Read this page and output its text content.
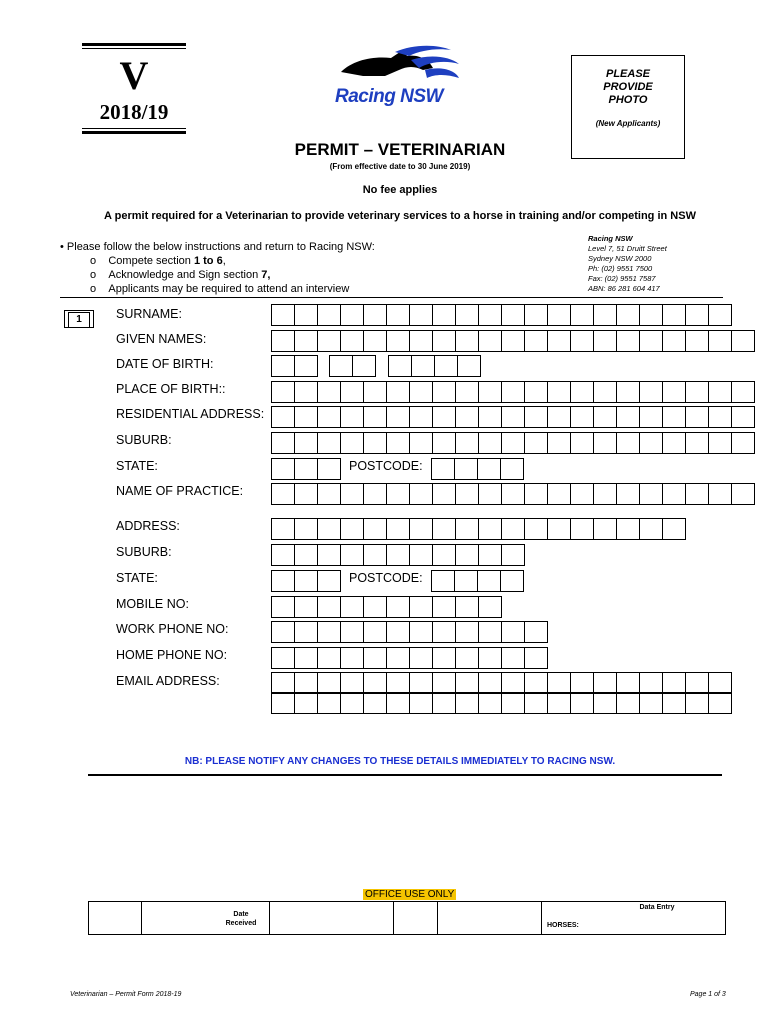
V
2018/19
Racing NSW
PLEASE
PROVIDE
PHOTO
(New Applicants)
PERMIT – VETERINARIAN
(From effective date to 30 June 2019)
No fee applies
A permit required for a Veterinarian to provide veterinary services to a horse in training and/or competing in NSW
• Please follow the below instructions and return to Racing NSW:
o Compete section 1 to 6,
o Acknowledge and Sign section 7,
o Applicants may be required to attend an interview
Racing NSW
Level 7, 51 Druitt Street
Sydney NSW 2000
Ph: (02) 9551 7500
Fax: (02) 9551 7587
ABN: 86 281 604 417
1	SURNAME:
GIVEN NAMES:
DATE OF BIRTH:
PLACE OF BIRTH::
RESIDENTIAL ADDRESS:
SUBURB:
STATE:	POSTCODE:
NAME OF PRACTICE:
ADDRESS:
SUBURB:
STATE:	POSTCODE:
MOBILE NO:
WORK PHONE NO:
HOME PHONE NO:
EMAIL ADDRESS:
NB: PLEASE NOTIFY ANY CHANGES TO THESE DETAILS IMMEDIATELY TO RACING NSW.
OFFICE USE ONLY
Date
Received
Data Entry
HORSES:
Veterinarian – Permit Form 2018-19	Page 1 of 3
